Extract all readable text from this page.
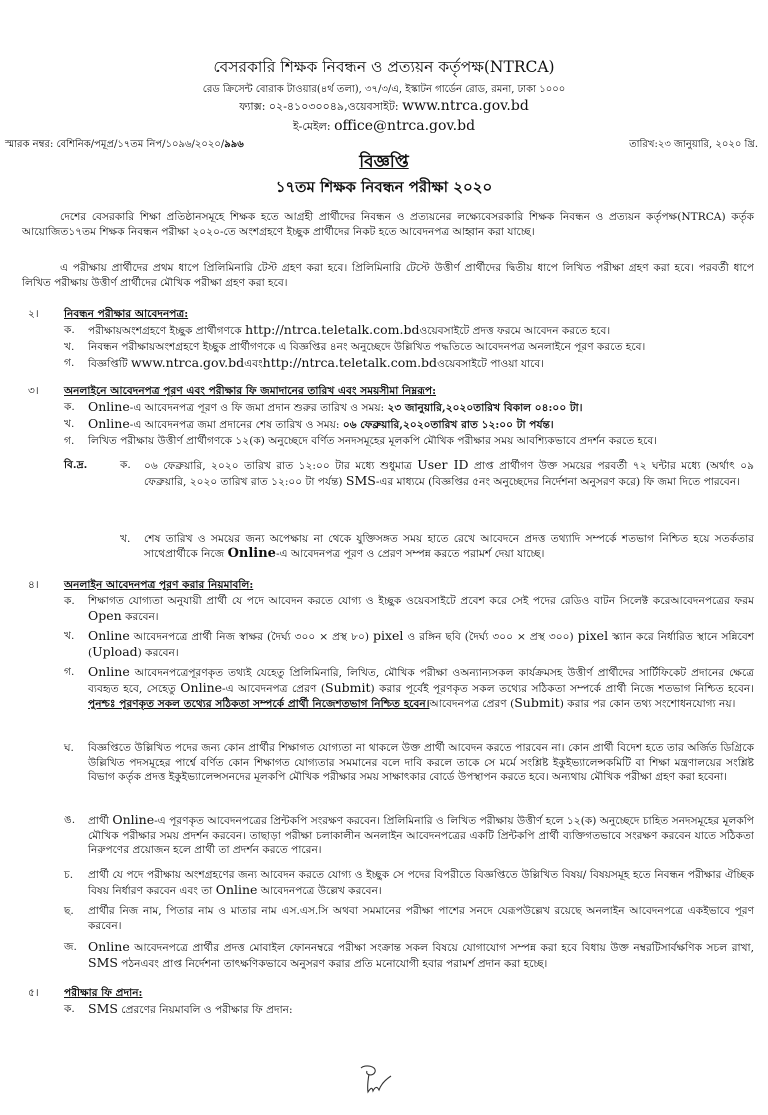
বেসরকারি শিক্ষক নিবন্ধন ও প্রত্যয়ন কর্তৃপক্ষ(NTRCA)
রেড ক্রিসেন্ট বোরাক টাওয়ার(৪র্থ তলা), ৩৭/৩/এ, ইস্কাটন গার্ডেন রোড, রমনা, ঢাকা ১০০০
ফ্যাক্স: ০২-৪১০৩০০৪৯,ওয়েবসাইট: www.ntrca.gov.bd
ই-মেইল: office@ntrca.gov.bd
স্মারক নম্বর: বেশিনিক/পমূপ্র/১৭তম নিপ/১০৯৬/২০২০/৯৯৬	তারিখ:২৩ জানুয়ারি, ২০২০ খ্রি.
বিজ্ঞপ্তি
১৭তম শিক্ষক নিবন্ধন পরীক্ষা ২০২০
দেশের বেসরকারি শিক্ষা প্রতিষ্ঠানসমূহে শিক্ষক হতে আগ্রহী প্রার্থীদের নিবন্ধন ও প্রত্যয়নের লক্ষ্যেবেসরকারি শিক্ষক নিবন্ধন ও প্রত্যয়ন কর্তৃপক্ষ(NTRCA) কর্তৃক আয়োজিত১৭তম শিক্ষক নিবন্ধন পরীক্ষা ২০২০-তে অংশগ্রহণে ইচ্ছুক প্রার্থীদের নিকট হতে আবেদনপত্র আহ্বান করা যাচ্ছে।
এ পরীক্ষায় প্রার্থীদের প্রথম ধাপে প্রিলিমিনারি টেস্ট গ্রহণ করা হবে। প্রিলিমিনারি টেস্টে উত্তীর্ণ প্রার্থীদের দ্বিতীয় ধাপে লিখিত পরীক্ষা গ্রহণ করা হবে। পরবর্তী ধাপে লিখিত পরীক্ষায় উত্তীর্ণ প্রার্থীদের মৌখিক পরীক্ষা গ্রহণ করা হবে।
২। নিবন্ধন পরীক্ষার আবেদনপত্র:
ক.	পরীক্ষায়অংশগ্রহণে ইচ্ছুক প্রার্থীগণকে http://ntrca.teletalk.com.bdওয়েবসাইটে প্রদত্ত ফরমে আবেদন করতে হবে।
খ.	নিবন্ধন পরীক্ষায়অংশগ্রহণে ইচ্ছুক প্রার্থীগণকে এ বিজ্ঞপ্তির ৪নং অনুচ্ছেদে উল্লিখিত পদ্ধতিতে আবেদনপত্র অনলাইনে পূরণ করতে হবে।
গ.	বিজ্ঞপ্তিটি www.ntrca.gov.bdএবংhttp://ntrca.teletalk.com.bdওয়েবসাইটে পাওয়া যাবে।
৩। অনলাইনে আবেদনপত্র পূরণ এবং পরীক্ষার ফি জমাদানের তারিখ এবং সময়সীমা নিম্নরূপ:
ক.	Online-এ আবেদনপত্র পূরণ ও ফি জমা প্রদান শুরুর তারিখ ও সময়: ২৩ জানুয়ারি,২০২০তারিখ বিকাল ০৪:০০ টা।
খ.	Online-এ আবেদনপত্র জমা প্রদানের শেষ তারিখ ও সময়: ০৬ ফেব্রুয়ারি,২০২০তারিখ রাত ১২:০০ টা পর্যন্ত।
গ.	লিখিত পরীক্ষায় উত্তীর্ণ প্রার্থীগণকে ১২(ক) অনুচ্ছেদে বর্ণিত সনদসমূহের মূলকপি মৌখিক পরীক্ষার সময় আবশ্যিকভাবে প্রদর্শন করতে হবে।
বি.দ্র.	ক.	০৬ ফেব্রুয়ারি, ২০২০ তারিখ রাত ১২:০০ টার মধ্যে শুধুমাত্র User ID প্রাপ্ত প্রার্থীগণ উক্ত সময়ের পরবর্তী ৭২ ঘন্টার মধ্যে (অর্থাৎ ০৯ ফেব্রুয়ারি, ২০২০ তারিখ রাত ১২:০০ টা পর্যন্ত) SMS-এর মাধ্যমে (বিজ্ঞপ্তির ৫নং অনুচ্ছেদের নির্দেশনা অনুসরণ করে) ফি জমা দিতে পারবেন।
খ.	শেষ তারিখ ও সময়ের জন্য অপেক্ষায় না থেকে যুক্তিসঙ্গত সময় হাতে রেখে আবেদনে প্রদত্ত তথ্যাদি সম্পর্কে শতভাগ নিশ্চিত হয়ে সতর্কতার সাথেপ্রার্থীকে নিজে Online-এ আবেদনপত্র পূরণ ও প্রেরণ সম্পন্ন করতে পরামর্শ দেয়া যাচ্ছে।
৪। অনলাইন আবেদনপত্র পূরণ করার নিয়মাবলি:
ক.	শিক্ষাগত যোগ্যতা অনুযায়ী প্রার্থী যে পদে আবেদন করতে যোগ্য ও ইচ্ছুক ওয়েবসাইটে প্রবেশ করে সেই পদের রেডিও বাটন সিলেক্ট করেআবেদনপত্রের ফরম Open করবেন।
খ.	Online আবেদনপত্রে প্রার্থী নিজ স্বাক্ষর (দৈর্ঘ্য ৩০০ × প্রস্থ ৮০) pixel ও রঙ্গিন ছবি (দৈর্ঘ্য ৩০০ × প্রস্থ ৩০০) pixel স্ক্যান করে নির্ধারিত স্থানে সন্নিবেশ (Upload) করবেন।
গ.	Online আবেদনপত্রেপূরণকৃত তথ্যই যেহেতু প্রিলিমিনারি, লিখিত, মৌখিক পরীক্ষা ওঅন্যান্যসকল কার্যক্রমসহ উত্তীর্ণ প্রার্থীদের সার্টিফিকেট প্রদানের ক্ষেত্রে ব্যবহৃত হবে, সেহেতু Online-এ আবেদনপত্র প্রেরণ (Submit) করার পূর্বেই পূরণকৃত সকল তথ্যের সঠিকতা সম্পর্কে প্রার্থী নিজে শতভাগ নিশ্চিত হবেন। পুনশ্চঃ পূরণকৃত সকল তথ্যের সঠিকতা সম্পর্কে প্রার্থী নিজেশতভাগ নিশ্চিত হবেন।আবেদনপত্র প্রেরণ (Submit) করার পর কোন তথ্য সংশোধনযোগ্য নয়।
ঘ.	বিজ্ঞপ্তিতে উল্লিখিত পদের জন্য কোন প্রার্থীর শিক্ষাগত যোগ্যতা না থাকলে উক্ত প্রার্থী আবেদন করতে পারবেন না। কোন প্রার্থী বিদেশ হতে তার অর্জিত ডিগ্রিকে উল্লিখিত পদসমূহের পার্শ্বে বর্ণিত কোন শিক্ষাগত যোগ্যতার সমমানের বলে দাবি করলে তাকে সে মর্মে সংশ্লিষ্ট ইকুইভ্যালেন্সকমিটি বা শিক্ষা মন্ত্রণালয়ের সংশ্লিষ্ট বিভাগ কর্তৃক প্রদত্ত ইকুইভ্যালেন্সসনদের মূলকপি মৌখিক পরীক্ষার সময় সাক্ষাৎকার বোর্ডে উপস্থাপন করতে হবে। অন্যথায় মৌখিক পরীক্ষা গ্রহণ করা হবেনা।
ঙ.	প্রার্থী Online-এ পূরণকৃত আবেদনপত্রের প্রিন্টকপি সংরক্ষণ করবেন। প্রিলিমিনারি ও লিখিত পরীক্ষায় উত্তীর্ণ হলে ১২(ক) অনুচ্ছেদে চাহিত সনদসমূহের মূলকপি মৌখিক পরীক্ষার সময় প্রদর্শন করবেন। তাছাড়া পরীক্ষা চলাকালীন অনলাইন আবেদনপত্রের একটি প্রিন্টকপি প্রার্থী ব্যক্তিগতভাবে সংরক্ষণ করবেন যাতে সঠিকতা নিরুপণের প্রয়োজন হলে প্রার্থী তা প্রদর্শন করতে পারেন।
চ.	প্রার্থী যে পদে পরীক্ষায় অংশগ্রহণের জন্য আবেদন করতে যোগ্য ও ইচ্ছুক সে পদের বিপরীতে বিজ্ঞপ্তিতে উল্লিখিত বিষয়/ বিষয়সমূহ হতে নিবন্ধন পরীক্ষার ঐচ্ছিক বিষয় নির্ধারণ করবেন এবং তা Online আবেদনপত্রে উল্লেখ করবেন।
ছ.	প্রার্থীর নিজ নাম, পিতার নাম ও মাতার নাম এস.এস.সি অথবা সমমানের পরীক্ষা পাশের সনদে যেরূপউল্লেখ রয়েছে অনলাইন আবেদনপত্রে একইভাবে পূরণ করবেন।
জ. Online আবেদনপত্রে প্রার্থীর প্রদত্ত মোবাইল ফোননম্বরে পরীক্ষা সংক্রান্ত সকল বিষয়ে যোগাযোগ সম্পন্ন করা হবে বিধায় উক্ত নম্বরটিসার্বক্ষণিক সচল রাখা, SMS পঠনএবং প্রাপ্ত নির্দেশনা তাৎক্ষণিকভাবে অনুসরণ করার প্রতি মনোযোগী হবার পরামর্শ প্রদান করা হচ্ছে।
৫। পরীক্ষার ফি প্রদান:
ক.	SMS প্রেরণের নিয়মাবলি ও পরীক্ষার ফি প্রদান:
